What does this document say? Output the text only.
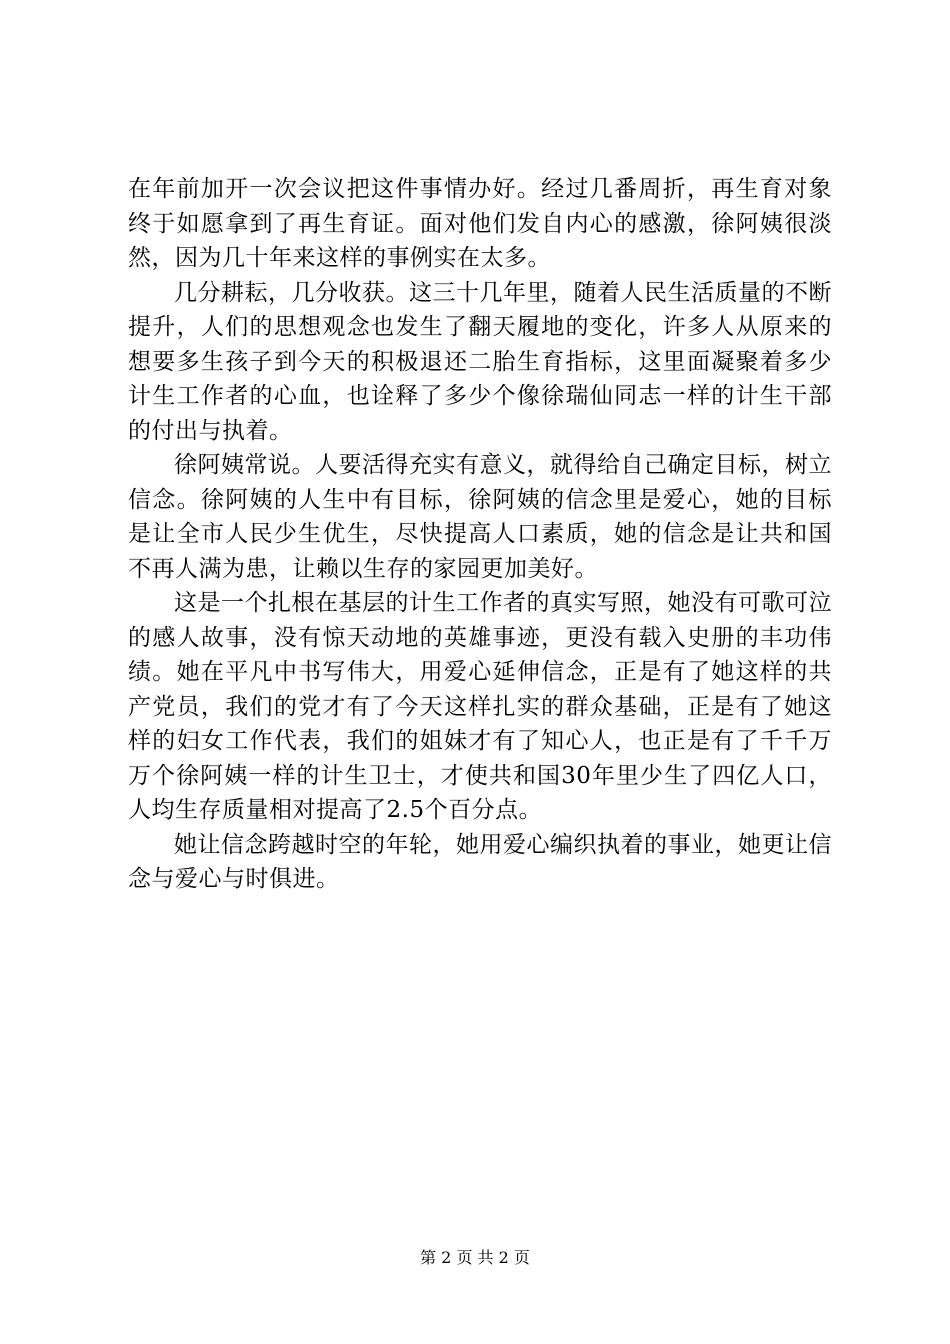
在年前加开一次会议把这件事情办好。经过几番周折，再生育对象终于如愿拿到了再生育证。面对他们发自内心的感激，徐阿姨很淡然，因为几十年来这样的事例实在太多。

几分耕耘，几分收获。这三十几年里，随着人民生活质量的不断提升，人们的思想观念也发生了翻天履地的变化，许多人从原来的想要多生孩子到今天的积极退还二胎生育指标，这里面凝聚着多少计生工作者的心血，也诠释了多少个像徐瑞仙同志一样的计生干部的付出与执着。

徐阿姨常说。人要活得充实有意义，就得给自己确定目标，树立信念。徐阿姨的人生中有目标，徐阿姨的信念里是爱心，她的目标是让全市人民少生优生，尽快提高人口素质，她的信念是让共和国不再人满为患，让赖以生存的家园更加美好。

这是一个扎根在基层的计生工作者的真实写照，她没有可歌可泣的感人故事，没有惊天动地的英雄事迹，更没有载入史册的丰功伟绩。她在平凡中书写伟大，用爱心延伸信念，正是有了她这样的共产党员，我们的党才有了今天这样扎实的群众基础，正是有了她这样的妇女工作代表，我们的姐妹才有了知心人，也正是有了千千万万个徐阿姨一样的计生卫士，才使共和国30年里少生了四亿人口，人均生存质量相对提高了2.5个百分点。

她让信念跨越时空的年轮，她用爱心编织执着的事业，她更让信念与爱心与时俱进。

第 2 页 共 2 页
